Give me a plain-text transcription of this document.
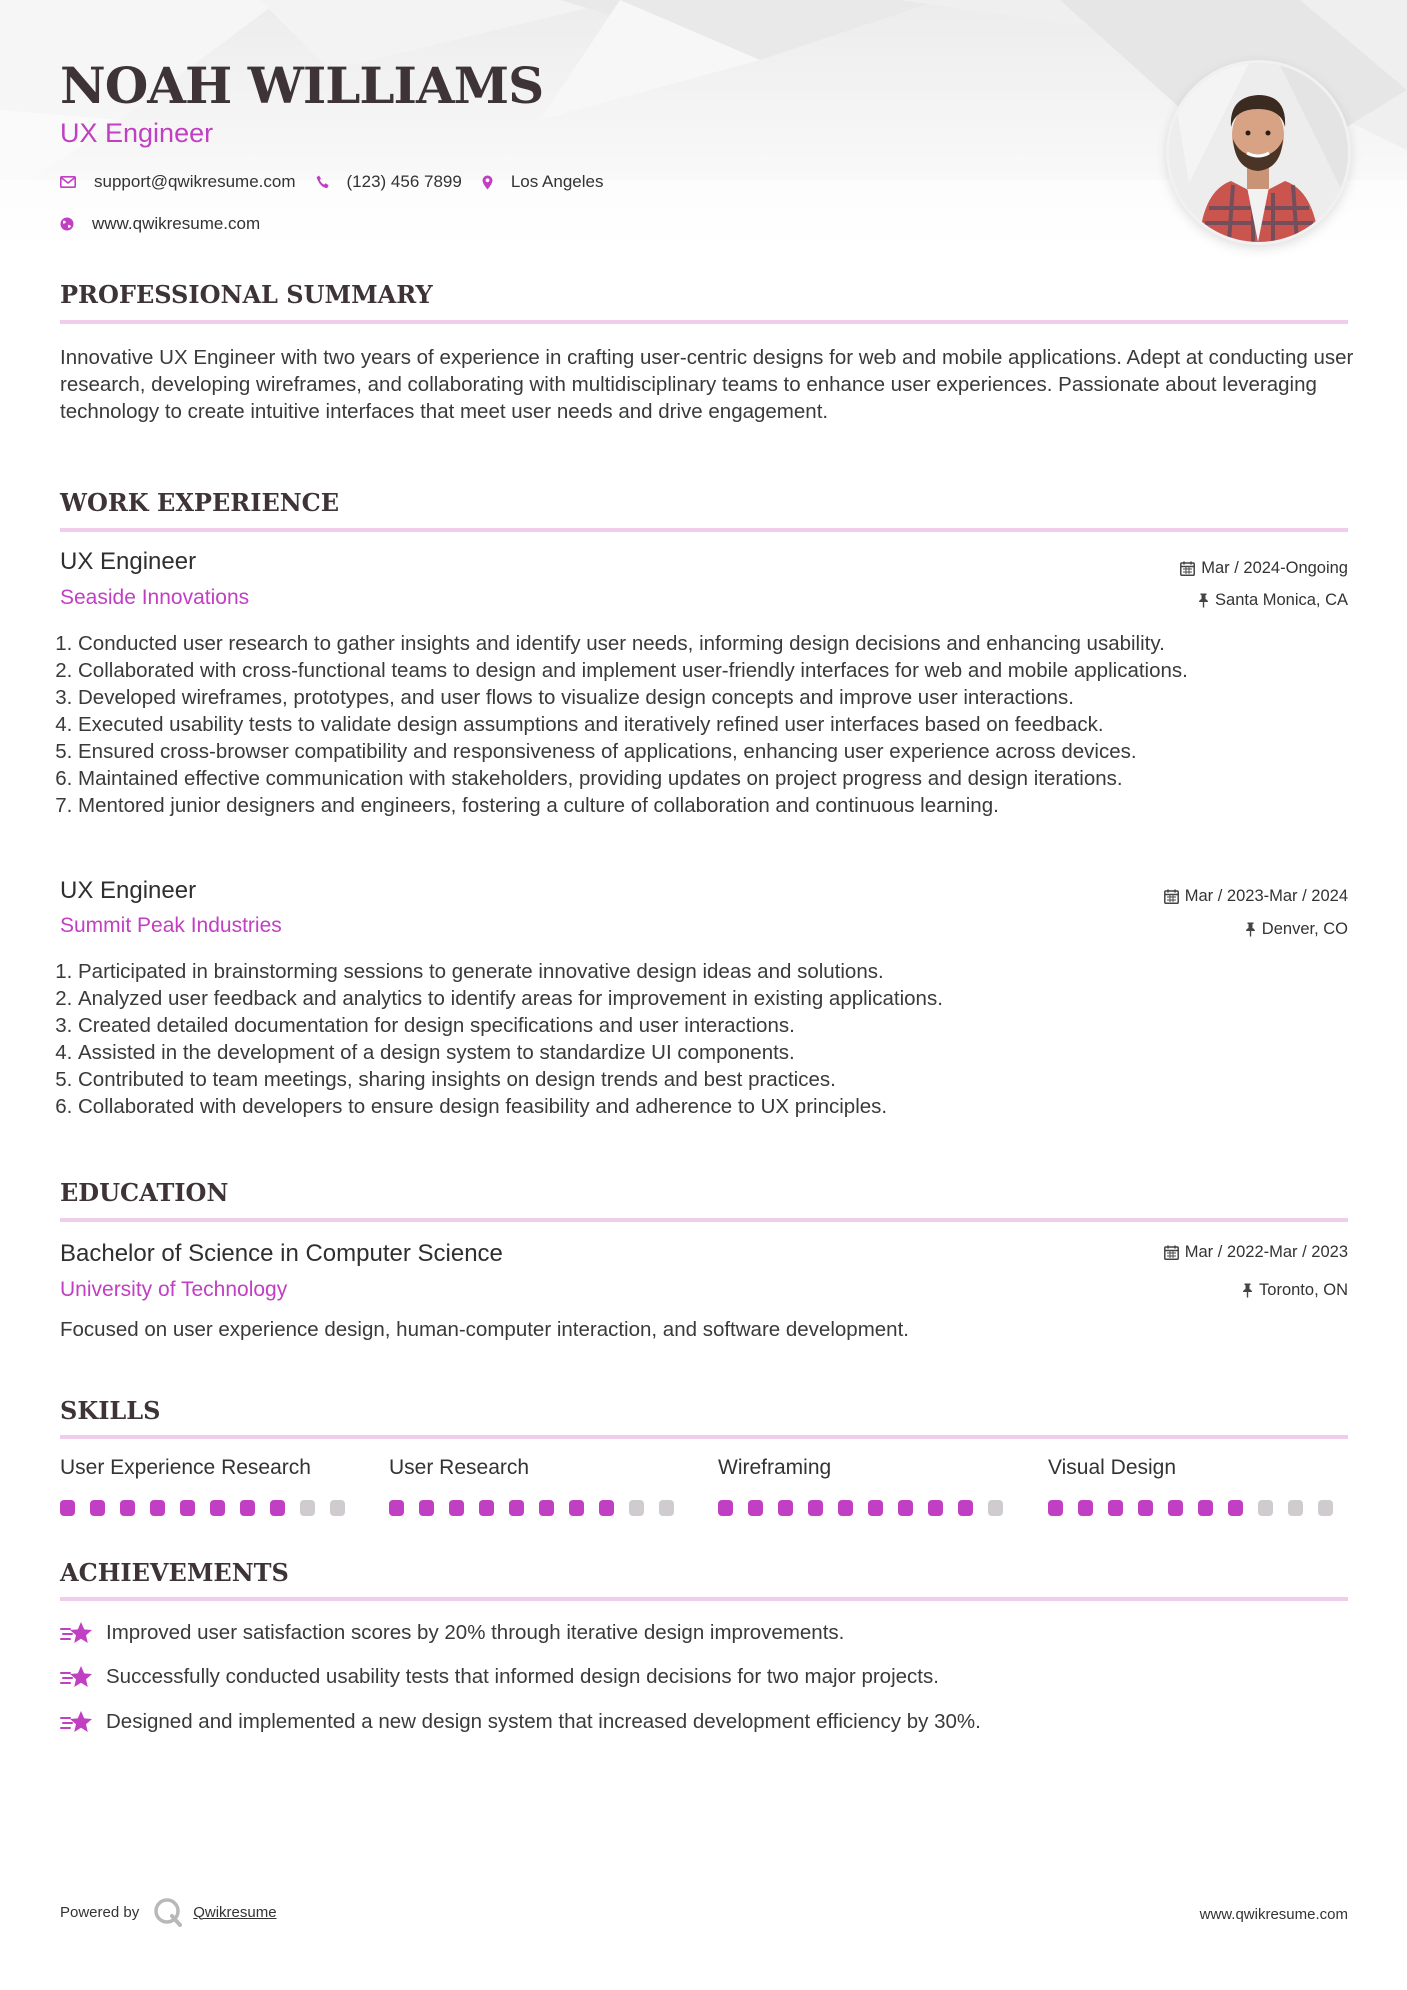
NOAH WILLIAMS
UX Engineer
support@qwikresume.com	(123) 456 7899	Los Angeles
www.qwikresume.com
PROFESSIONAL SUMMARY

Innovative UX Engineer with two years of experience in crafting user-centric designs for web and mobile applications. Adept at conducting user research, developing wireframes, and collaborating with multidisciplinary teams to enhance user experiences. Passionate about leveraging technology to create intuitive interfaces that meet user needs and drive engagement.

WORK EXPERIENCE
UX Engineer	Mar / 2024-Ongoing
Seaside Innovations	Santa Monica, CA
1. Conducted user research to gather insights and identify user needs, informing design decisions and enhancing usability.
2. Collaborated with cross-functional teams to design and implement user-friendly interfaces for web and mobile applications.
3. Developed wireframes, prototypes, and user flows to visualize design concepts and improve user interactions.
4. Executed usability tests to validate design assumptions and iteratively refined user interfaces based on feedback.
5. Ensured cross-browser compatibility and responsiveness of applications, enhancing user experience across devices.
6. Maintained effective communication with stakeholders, providing updates on project progress and design iterations.
7. Mentored junior designers and engineers, fostering a culture of collaboration and continuous learning.
UX Engineer	Mar / 2023-Mar / 2024
Summit Peak Industries	Denver, CO
1. Participated in brainstorming sessions to generate innovative design ideas and solutions.
2. Analyzed user feedback and analytics to identify areas for improvement in existing applications.
3. Created detailed documentation for design specifications and user interactions.
4. Assisted in the development of a design system to standardize UI components.
5. Contributed to team meetings, sharing insights on design trends and best practices.
6. Collaborated with developers to ensure design feasibility and adherence to UX principles.
EDUCATION
Bachelor of Science in Computer Science	Mar / 2022-Mar / 2023
University of Technology	Toronto, ON

Focused on user experience design, human-computer interaction, and software development.

SKILLS
User Experience Research	User Research	Wireframing	Visual Design
ACHIEVEMENTS
Improved user satisfaction scores by 20% through iterative design improvements.
Successfully conducted usability tests that informed design decisions for two major projects.
Designed and implemented a new design system that increased development efficiency by 30%.
Powered by	Qwikresume	www.qwikresume.com
